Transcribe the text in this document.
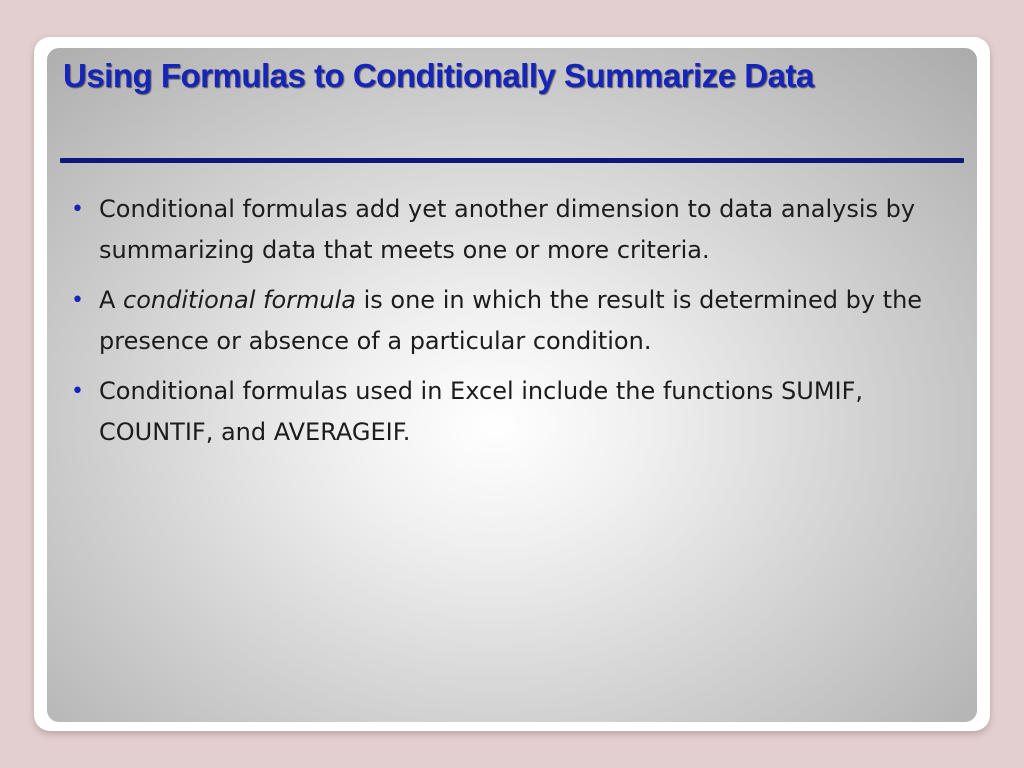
Using Formulas to Conditionally Summarize Data
• Conditional formulas add yet another dimension to data analysis by summarizing data that meets one or more criteria.
• A conditional formula is one in which the result is determined by the presence or absence of a particular condition.
• Conditional formulas used in Excel include the functions SUMIF, COUNTIF, and AVERAGEIF.
